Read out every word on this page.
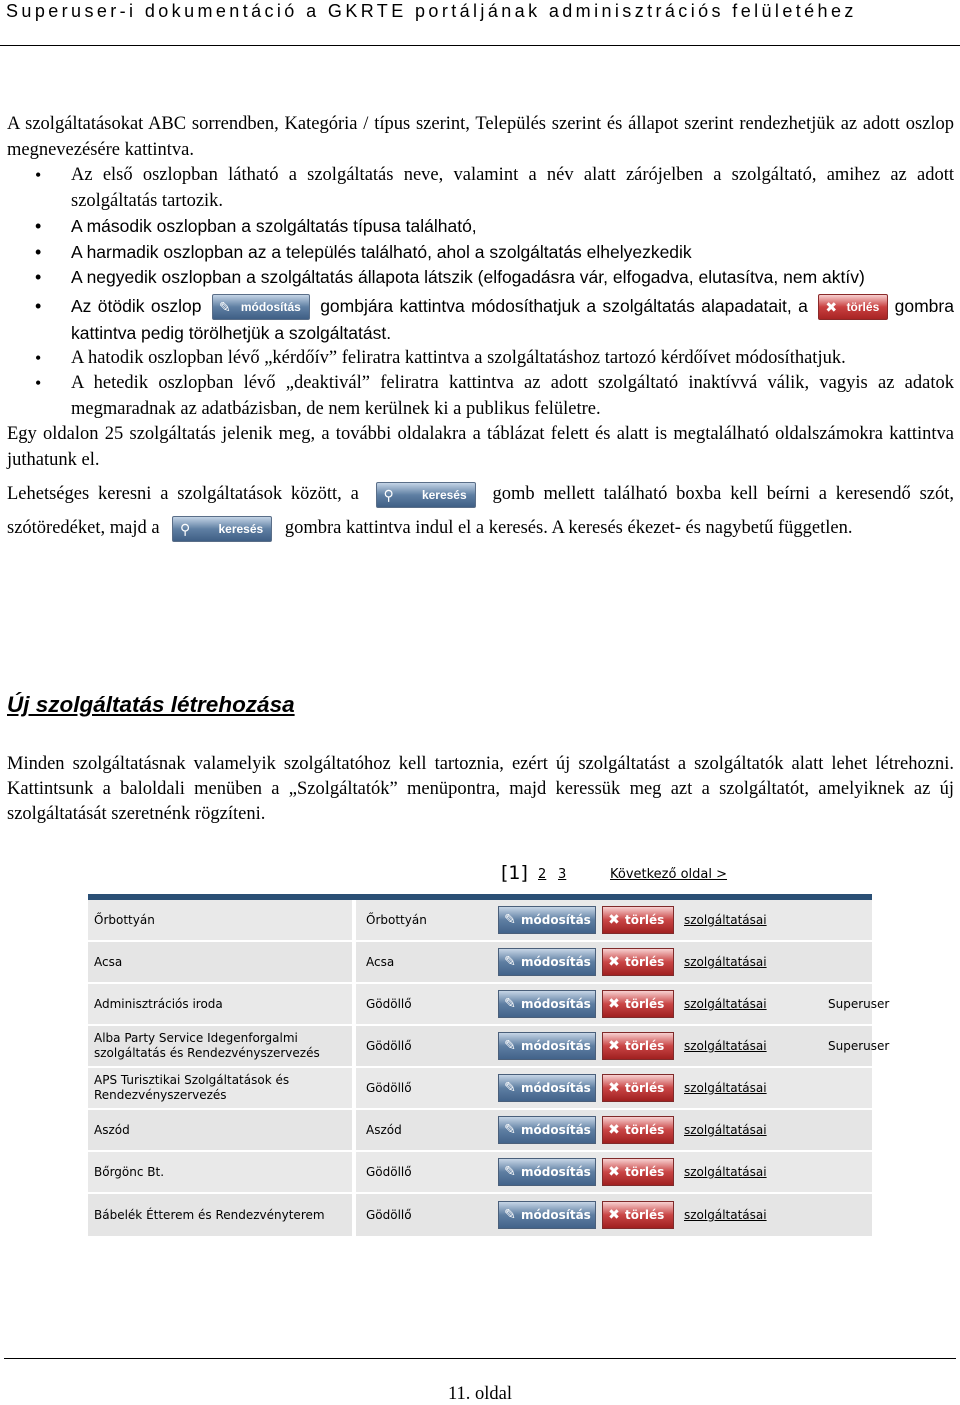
Superuser-i dokumentáció a GKRTE portáljának adminisztrációs felületéhez

A szolgáltatásokat ABC sorrendben, Kategória / típus szerint, Település szerint és állapot szerint rendezhetjük az adott oszlop megnevezésére kattintva.

• Az első oszlopban látható a szolgáltatás neve, valamint a név alatt zárójelben a szolgáltató, amihez az adott szolgáltatás tartozik.
• A második oszlopban a szolgáltatás típusa található,
• A harmadik oszlopban az a település található, ahol a szolgáltatás elhelyezkedik
• A negyedik oszlopban a szolgáltatás állapota látszik (elfogadásra vár, elfogadva, elutasítva, nem aktív)
• Az ötödik oszlop ✎ módosítás gombjára kattintva módosíthatjuk a szolgáltatás alapadatait, a ✖ törlés gombra kattintva pedig törölhetjük a szolgáltatást.
• A hatodik oszlopban lévő „kérdőív” feliratra kattintva a szolgáltatáshoz tartozó kérdőívet módosíthatjuk.
• A hetedik oszlopban lévő „deaktivál” feliratra kattintva az adott szolgáltató inaktívvá válik, vagyis az adatok megmaradnak az adatbázisban, de nem kerülnek ki a publikus felületre.

Egy oldalon 25 szolgáltatás jelenik meg, a további oldalakra a táblázat felett és alatt is megtalálható oldalszámokra kattintva juthatunk el.

Lehetséges keresni a szolgáltatások között, a ⚲ keresés gomb mellett található boxba kell beírni a keresendő szót, szótöredéket, majd a ⚲ keresés gombra kattintva indul el a keresés. A keresés ékezet- és nagybetű független.

Új szolgáltatás létrehozása

Minden szolgáltatásnak valamelyik szolgáltatóhoz kell tartoznia, ezért új szolgáltatást a szolgáltatók alatt lehet létrehozni. Kattintsunk a baloldali menüben a „Szolgáltatók” menüpontra, majd keressük meg azt a szolgáltatót, amelyiknek az új szolgáltatását szeretnénk rögzíteni.

[1] 2 3	Következő oldal >
Őrbottyán	Őrbottyán	✎ módosítás	✖ törlés szolgáltatásai
Acsa	Acsa	✎ módosítás	✖ törlés szolgáltatásai
Adminisztrációs iroda	Gödöllő	✎ módosítás	✖ törlés szolgáltatásai	Superuser
Alba Party Service Idegenforgalmi szolgáltatás és Rendezvényszervezés	Gödöllő	✎ módosítás	✖ törlés szolgáltatásai	Superuser
APS Turisztikai Szolgáltatások és Rendezvényszervezés	Gödöllő	✎ módosítás	✖ törlés szolgáltatásai
Aszód	Aszód	✎ módosítás	✖ törlés szolgáltatásai
Bőrgönc Bt.	Gödöllő	✎ módosítás	✖ törlés szolgáltatásai
Bábelék Étterem és Rendezvényterem	Gödöllő	✎ módosítás	✖ törlés szolgáltatásai
11. oldal
